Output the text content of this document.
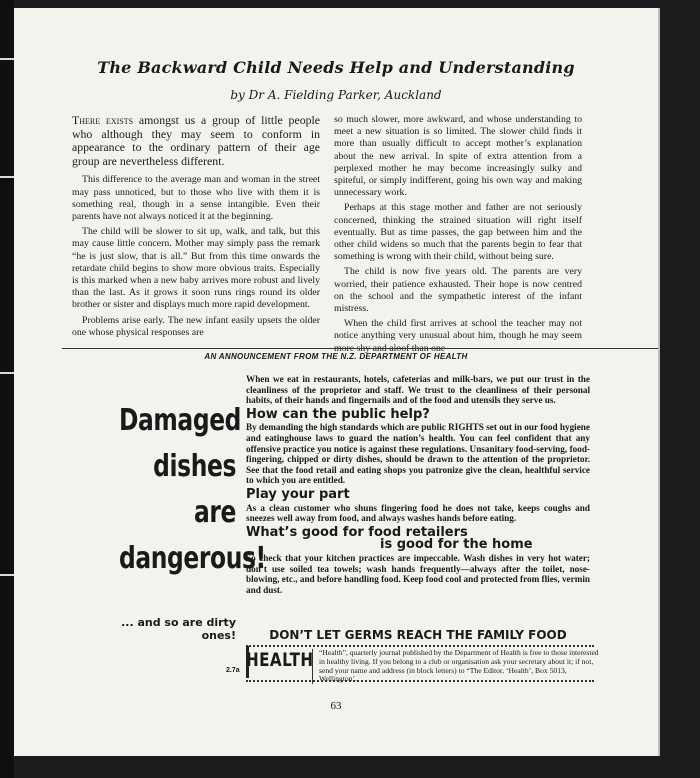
The Backward Child Needs Help and Understanding
by Dr A. Fielding Parker, Auckland

There exists amongst us a group of little people who although they may seem to conform in appearance to the ordinary pattern of their age group are nevertheless different.

This difference to the average man and woman in the street may pass unnoticed, but to those who live with them it is something real, though in a sense intangible. Even their parents have not always noticed it at the beginning.

The child will be slower to sit up, walk, and talk, but this may cause little concern. Mother may simply pass the remark “he is just slow, that is all.” But from this time onwards the retardate child begins to show more obvious traits. Especially is this marked when a new baby arrives more robust and lively than the last. As it grows it soon runs rings round its older brother or sister and displays much more rapid development.

Problems arise early. The new infant easily upsets the older one whose physical responses are

so much slower, more awkward, and whose understanding to meet a new situation is so limited. The slower child finds it more than usually difficult to accept mother’s explanation about the new arrival. In spite of extra attention from a perplexed mother he may become increasingly sulky and spiteful, or simply indifferent, going his own way and making unnecessary work.

Perhaps at this stage mother and father are not seriously concerned, thinking the strained situation will right itself eventually. But as time passes, the gap between him and the other child widens so much that the parents begin to fear that something is wrong with their child, without being sure.

The child is now five years old. The parents are very worried, their patience exhausted. Their hope is now centred on the school and the sympathetic interest of the infant mistress.

When the child first arrives at school the teacher may not notice anything very unusual about him, though he may seem more shy and aloof than one

AN ANNOUNCEMENT FROM THE N.Z. DEPARTMENT OF HEALTH
Damaged
dishes
are
dangerous!
... and so are dirty ones!

When we eat in restaurants, hotels, cafeterias and milk-bars, we put our trust in the cleanliness of the proprietor and staff. We trust to the cleanliness of their personal habits, of their hands and fingernails and of the food and utensils they serve us.

How can the public help?

By demanding the high standards which are public RIGHTS set out in our food hygiene and eatinghouse laws to guard the nation’s health. You can feel confident that any offensive practice you notice is against these regulations. Unsanitary food-serving, food-fingering, chipped or dirty dishes, should be drawn to the attention of the proprietor. See that the food retail and eating shops you patronize give the clean, healthful service to which you are entitled.

Play your part

As a clean customer who shuns fingering food he does not take, keeps coughs and sneezes well away from food, and always washes hands before eating.

What’s good for food retailers
is good for the home

So check that your kitchen practices are impeccable. Wash dishes in very hot water; don’t use soiled tea towels; wash hands frequently—always after the toilet, nose-blowing, etc., and before handling food. Keep food cool and protected from flies, vermin and dust.

DON’T LET GERMS REACH THE FAMILY FOOD
HEALTH “Health”, quarterly journal published by the Department of Health is free to those interested in healthy living. If you belong to a club or organisation ask your secretary about it; if not, send your name and address (in block letters) to “The Editor, ‘Health’, Box 5013, Wellington’.
2.7a
63
